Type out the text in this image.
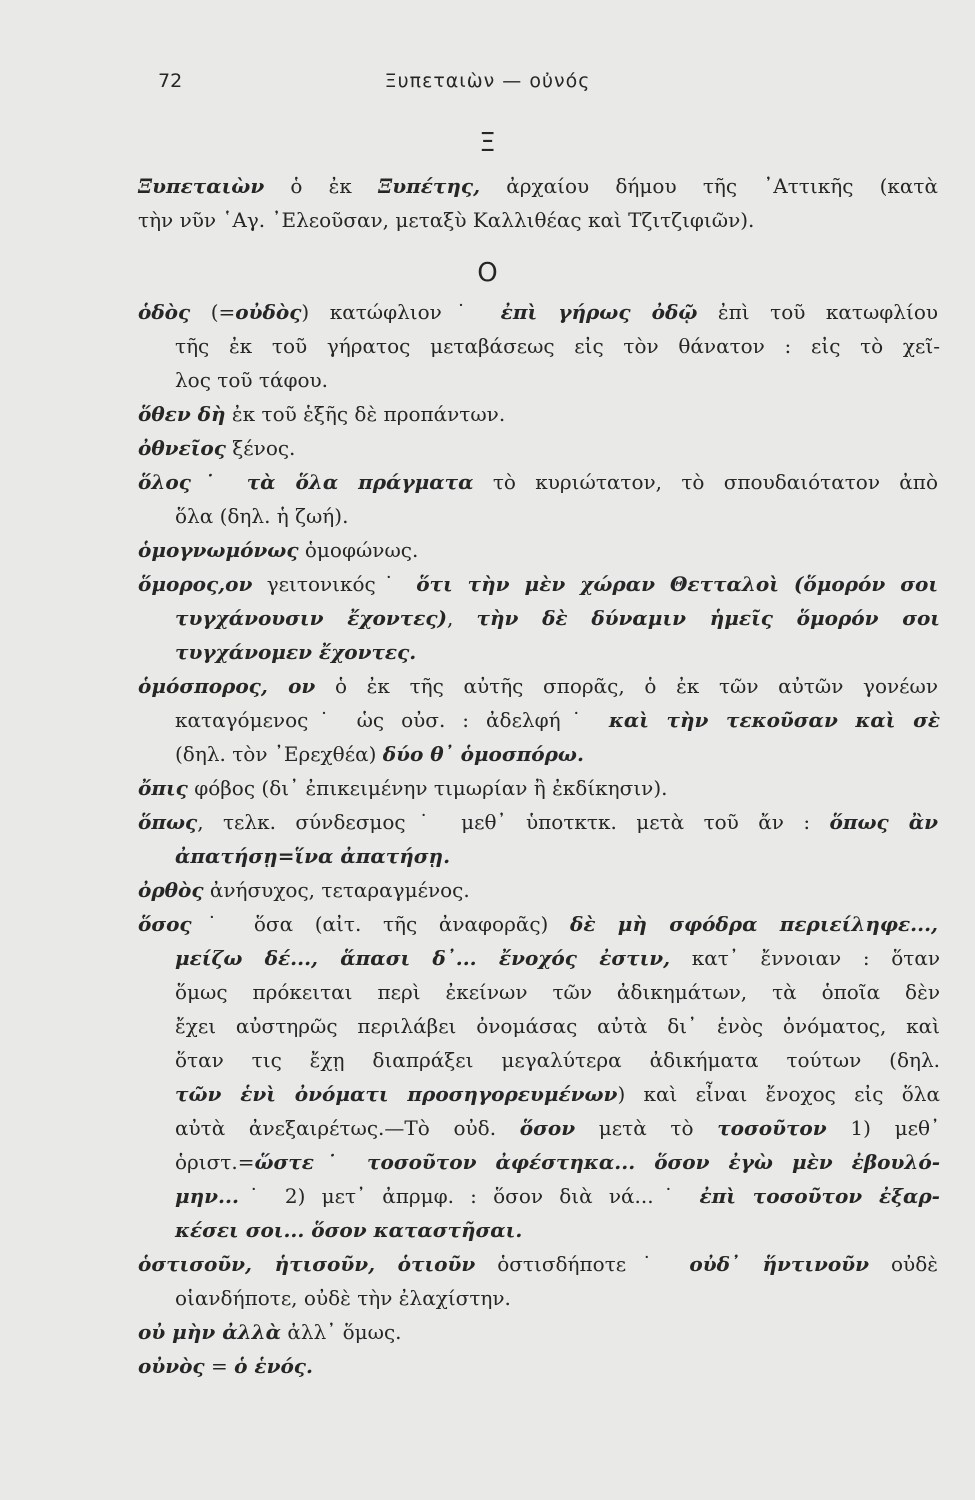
72	Ξυπεταιὼν — οὐνός
Ξ
Ξυπεταιὼν ὁ ἐκ Ξυπέτης, ἀρχαίου δήμου τῆς ᾿Αττικῆς (κατὰ
τὴν νῦν ῾Αγ. ᾿Ελεοῦσαν, μεταξὺ Καλλιθέας καὶ Τζιτζιφιῶν).
Ο
ὁδὸς (=οὐδὸς) κατώφλιον˙ ἐπὶ γήρως ὀδῷ ἐπὶ τοῦ κατωφλίου
τῆς ἐκ τοῦ γήρατος μεταβάσεως εἰς τὸν θάνατον : εἰς τὸ χεῖ-
λος τοῦ τάφου.
ὅθεν δὴ ἐκ τοῦ ἑξῆς δὲ προπάντων.
ὀθνεῖος ξένος.
ὅλος˙ τὰ ὅλα πράγματα τὸ κυριώτατον, τὸ σπουδαιότατον ἀπὸ
ὅλα (δηλ. ἡ ζωή).
ὁμογνωμόνως ὁμοφώνως.
ὅμορος,ον γειτονικός˙ ὅτι τὴν μὲν χώραν Θετταλοὶ (ὅμορόν σοι
τυγχάνουσιν ἔχοντες), τὴν δὲ δύναμιν ἡμεῖς ὅμορόν σοι
τυγχάνομεν ἔχοντες.
ὁμόσπορος, ον ὁ ἐκ τῆς αὐτῆς σπορᾶς, ὁ ἐκ τῶν αὐτῶν γονέων
καταγόμενος˙ ὡς οὐσ. : ἀδελφή˙ καὶ τὴν τεκοῦσαν καὶ σὲ
(δηλ. τὸν ᾿Ερεχθέα) δύο θ᾿ ὁμοσπόρω.
ὄπις φόβος (δι᾿ ἐπικειμένην τιμωρίαν ἢ ἐκδίκησιν).
ὅπως, τελκ. σύνδεσμος˙ μεθ᾿ ὑποτκτκ. μετὰ τοῦ ἄν : ὅπως ἂν
ἀπατήσῃ=ἵνα ἀπατήσῃ.
ὀρθὸς ἀνήσυχος, τεταραγμένος.
ὅσος˙ ὅσα (αἰτ. τῆς ἀναφορᾶς) δὲ μὴ σφόδρα περιείληφε...,
μείζω δέ..., ἅπασι δ᾿... ἔνοχός ἐστιν, κατ᾿ ἔννοιαν : ὅταν
ὅμως πρόκειται περὶ ἐκείνων τῶν ἀδικημάτων, τὰ ὁποῖα δὲν
ἔχει αὐστηρῶς περιλάβει ὀνομάσας αὐτὰ δι᾿ ἑνὸς ὀνόματος, καὶ
ὅταν τις ἔχῃ διαπράξει μεγαλύτερα ἀδικήματα τούτων (δηλ.
τῶν ἑνὶ ὀνόματι προσηγορευμένων) καὶ εἶναι ἔνοχος εἰς ὅλα
αὐτὰ ἀνεξαιρέτως.—Τὸ οὐδ. ὅσον μετὰ τὸ τοσοῦτον 1) μεθ᾿
ὁριστ.=ὥστε˙ τοσοῦτον ἀφέστηκα... ὅσον ἐγὼ μὲν ἐβουλό-
μην...˙ 2) μετ᾿ ἀπρμφ. : ὅσον διὰ νά...˙ ἐπὶ τοσοῦτον ἐξαρ-
κέσει σοι... ὅσον καταστῆσαι.
ὁστισοῦν, ἡτισοῦν, ὁτιοῦν ὁστισδήποτε˙ οὐδ᾿ ἥντινοῦν οὐδὲ
οἱανδήποτε, οὐδὲ τὴν ἐλαχίστην.
οὐ μὴν ἀλλὰ ἀλλ᾿ ὅμως.
οὐνὸς = ὁ ἑνός.
